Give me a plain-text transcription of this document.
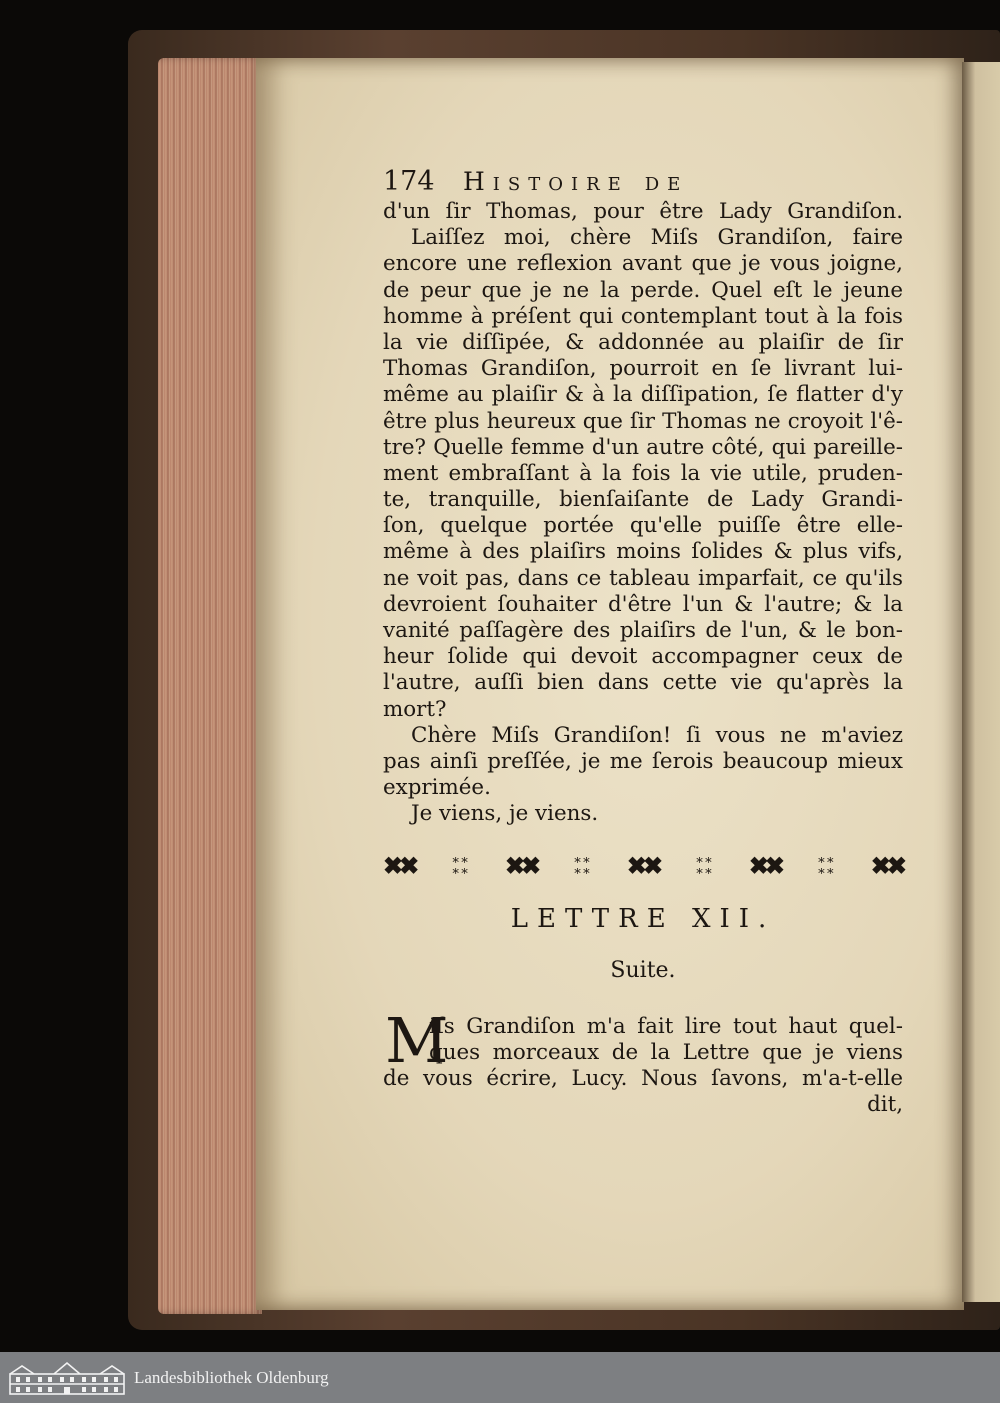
174	Histoire de
d'un ſir Thomas, pour être Lady Grandiſon.
Laiſſez moi, chère Miſs Grandiſon, faire
encore une reflexion avant que je vous joigne,
de peur que je ne la perde. Quel eſt le jeune
homme à préſent qui contemplant tout à la fois
la vie diſſipée, & addonnée au plaiſir de ſir
Thomas Grandiſon, pourroit en ſe livrant lui-
même au plaiſir & à la diſſipation, ſe flatter d'y
être plus heureux que ſir Thomas ne croyoit l'ê-
tre? Quelle femme d'un autre côté, qui pareille-
ment embraſſant à la fois la vie utile, pruden-
te, tranquille, bienſaiſante de Lady Grandi-
ſon, quelque portée qu'elle puiſſe être elle-
même à des plaiſirs moins ſolides & plus vifs,
ne voit pas, dans ce tableau imparfait, ce qu'ils
devroient ſouhaiter d'être l'un & l'autre; & la
vanité paſſagère des plaiſirs de l'un, & le bon-
heur ſolide qui devoit accompagner ceux de
l'autre, auſſi bien dans cette vie qu'après la
mort?
Chère Miſs Grandiſon! ſi vous ne m'aviez
pas ainſi preſſée, je me ſerois beaucoup mieux
exprimée.
Je viens, je viens.
✖✖	∗∗
∗∗ ✖✖	∗∗
∗∗ ✖✖	∗∗
∗∗ ✖✖	∗∗
∗∗ ✖✖
LETTRE XII.
Suite.
M
iſs Grandiſon m'a fait lire tout haut quel-
ques morceaux de la Lettre que je viens
de vous écrire, Lucy. Nous ſavons, m'a-t-elle
dit,
Landesbibliothek Oldenburg
